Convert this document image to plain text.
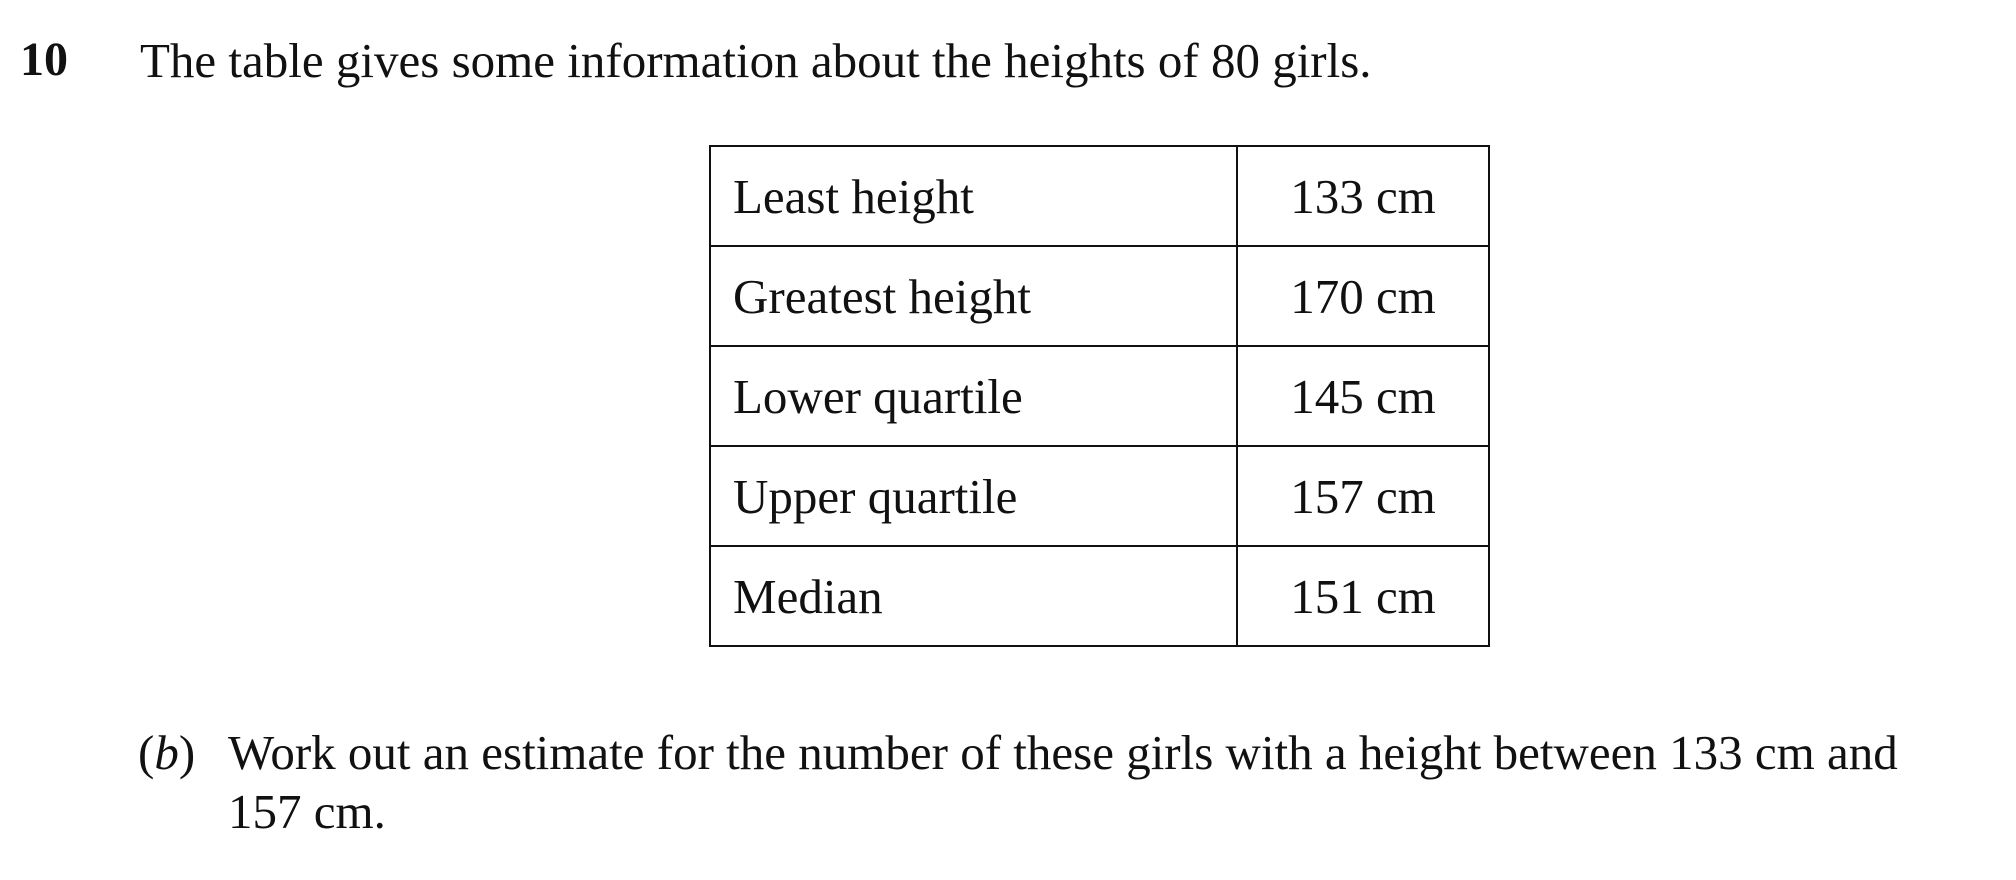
10 The table gives some information about the heights of 80 girls.
Least height	133 cm
Greatest height	170 cm
Lower quartile	145 cm
Upper quartile	157 cm
Median	151 cm
(b) Work out an estimate for the number of these girls with a height between 133 cm and
157 cm.
